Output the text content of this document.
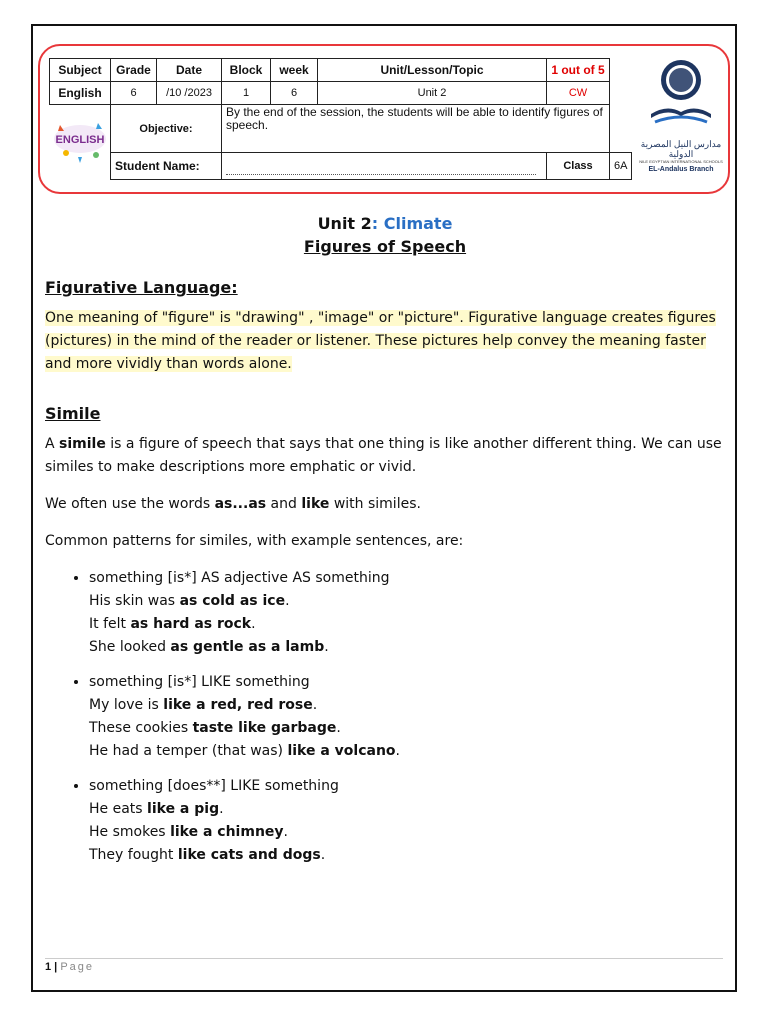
Subject	Grade	Date	Block	week	Unit/Lesson/Topic	1 out of 5	
English	6	/10 /2023	1	6	Unit 2	CW	

ENGLISH	Objective:		By the end of the session, the students will be able to identify figures of speech.				
	Student Name:					Class	6A
مدارس النيل المصرية الدولية
NILE EGYPTIAN INTERNATIONAL SCHOOLS
EL-Andalus Branch
Unit 2: Climate
Figures of Speech
Figurative Language:

One meaning of "figure" is "drawing" , "image" or "picture". Figurative language creates figures (pictures) in the mind of the reader or listener. These pictures help convey the meaning faster and more vividly than words alone.

Simile

A simile is a figure of speech that says that one thing is like another different thing. We can use similes to make descriptions more emphatic or vivid.

We often use the words as...as and like with similes.

Common patterns for similes, with example sentences, are:

• something [is*] AS adjective AS something
His skin was as cold as ice.
It felt as hard as rock.
She looked as gentle as a lamb.
• something [is*] LIKE something
My love is like a red, red rose.
These cookies taste like garbage.
He had a temper (that was) like a volcano.
• something [does**] LIKE something
He eats like a pig.
He smokes like a chimney.
They fought like cats and dogs.
1 | Page
